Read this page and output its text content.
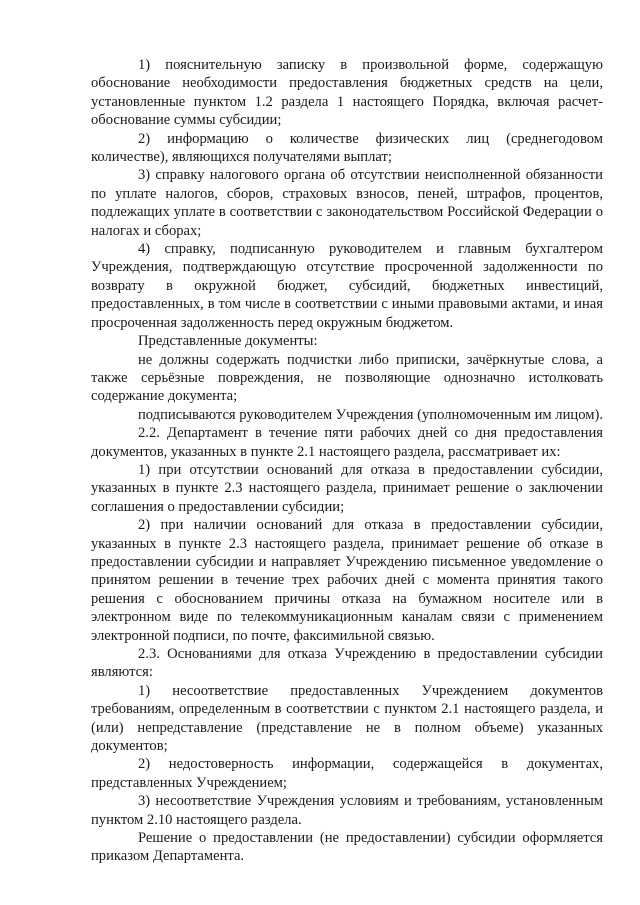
1) пояснительную записку в произвольной форме, содержащую обоснование необходимости предоставления бюджетных средств на цели, установленные пунктом 1.2 раздела 1 настоящего Порядка, включая расчет-обоснование суммы субсидии;

2) информацию о количестве физических лиц (среднегодовом количестве), являющихся получателями выплат;

3) справку налогового органа об отсутствии неисполненной обязанности по уплате налогов, сборов, страховых взносов, пеней, штрафов, процентов, подлежащих уплате в соответствии с законодательством Российской Федерации о налогах и сборах;

4) справку, подписанную руководителем и главным бухгалтером Учреждения, подтверждающую отсутствие просроченной задолженности по возврату в окружной бюджет, субсидий, бюджетных инвестиций, предоставленных, в том числе в соответствии с иными правовыми актами, и иная просроченная задолженность перед окружным бюджетом.

Представленные документы:

не должны содержать подчистки либо приписки, зачёркнутые слова, а также серьёзные повреждения, не позволяющие однозначно истолковать содержание документа;

подписываются руководителем Учреждения (уполномоченным им лицом).

2.2. Департамент в течение пяти рабочих дней со дня предоставления документов, указанных в пункте 2.1 настоящего раздела, рассматривает их:

1) при отсутствии оснований для отказа в предоставлении субсидии, указанных в пункте 2.3 настоящего раздела, принимает решение о заключении соглашения о предоставлении субсидии;

2) при наличии оснований для отказа в предоставлении субсидии, указанных в пункте 2.3 настоящего раздела, принимает решение об отказе в предоставлении субсидии и направляет Учреждению письменное уведомление о принятом решении в течение трех рабочих дней с момента принятия такого решения с обоснованием причины отказа на бумажном носителе или в электронном виде по телекоммуникационным каналам связи с применением электронной подписи, по почте, факсимильной связью.

2.3. Основаниями для отказа Учреждению в предоставлении субсидии являются:

1) несоответствие предоставленных Учреждением документов требованиям, определенным в соответствии с пунктом 2.1 настоящего раздела, и (или) непредставление (представление не в полном объеме) указанных документов;

2) недостоверность информации, содержащейся в документах, представленных Учреждением;

3) несоответствие Учреждения условиям и требованиям, установленным пунктом 2.10 настоящего раздела.

Решение о предоставлении (не предоставлении) субсидии оформляется приказом Департамента.
